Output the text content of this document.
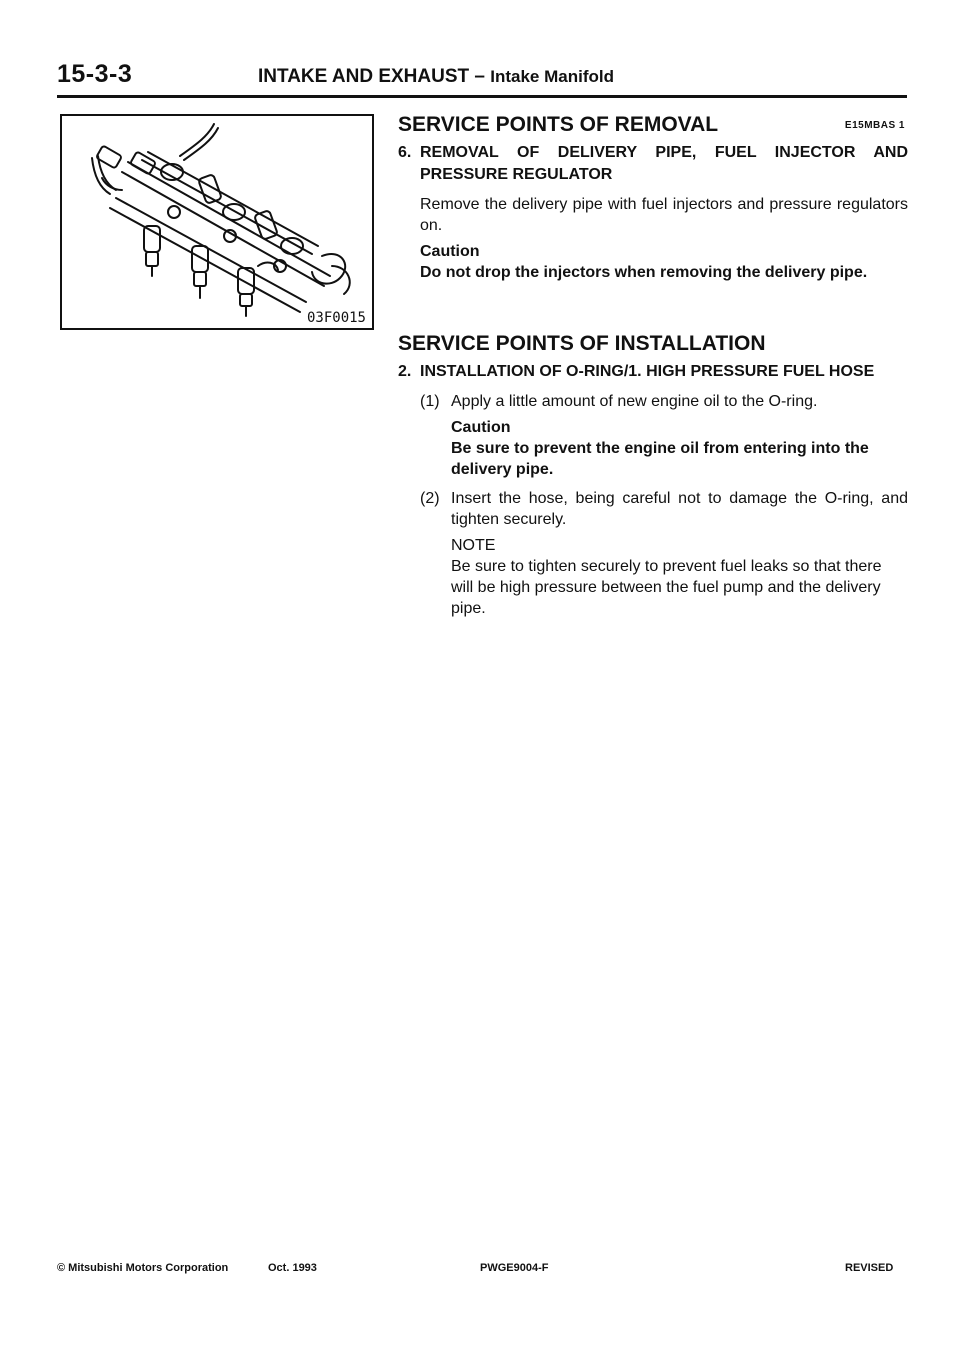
15-3-3	INTAKE AND EXHAUST – Intake Manifold
03F0015
SERVICE POINTS OF REMOVAL	E15MBAS 1
6. REMOVAL OF DELIVERY PIPE, FUEL INJECTOR AND PRESSURE REGULATOR
Remove the delivery pipe with fuel injectors and pressure regulators on.
Caution
Do not drop the injectors when removing the delivery pipe.
SERVICE POINTS OF INSTALLATION
2. INSTALLATION OF O-RING/1. HIGH PRESSURE FUEL HOSE
(1) Apply a little amount of new engine oil to the O-ring.
Caution
Be sure to prevent the engine oil from entering into the delivery pipe.
(2) Insert the hose, being careful not to damage the O-ring, and tighten securely.
NOTE
Be sure to tighten securely to prevent fuel leaks so that there will be high pressure between the fuel pump and the delivery pipe.
© Mitsubishi Motors Corporation	Oct. 1993	PWGE9004-F	REVISED
